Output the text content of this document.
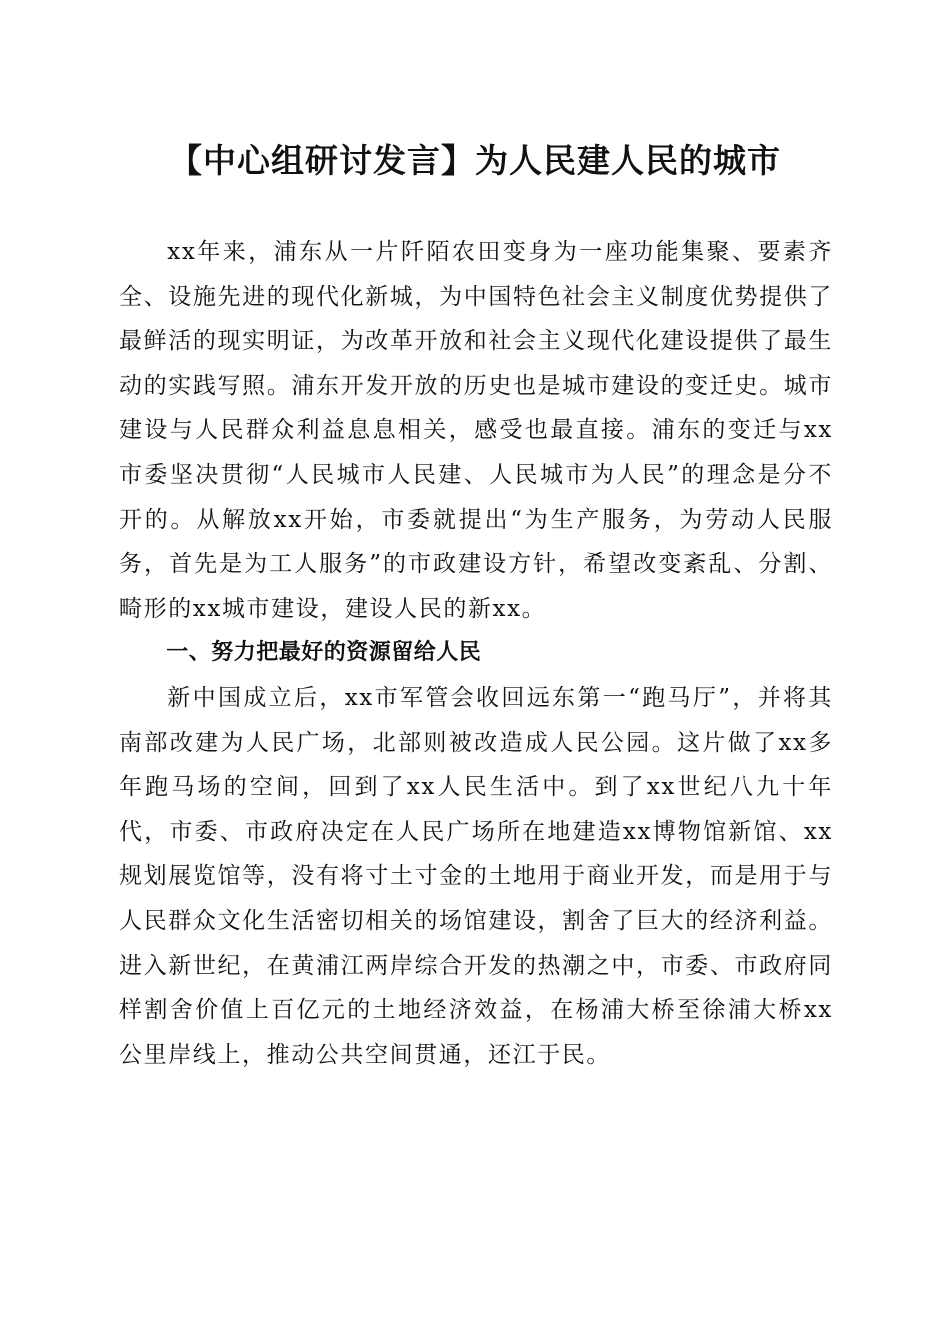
【中心组研讨发言】为人民建人民的城市

xx年来，浦东从一片阡陌农田变身为一座功能集聚、要素齐全、设施先进的现代化新城，为中国特色社会主义制度优势提供了最鲜活的现实明证，为改革开放和社会主义现代化建设提供了最生动的实践写照。浦东开发开放的历史也是城市建设的变迁史。城市建设与人民群众利益息息相关，感受也最直接。浦东的变迁与xx市委坚决贯彻“人民城市人民建、人民城市为人民”的理念是分不开的。从解放xx开始，市委就提出“为生产服务，为劳动人民服务，首先是为工人服务”的市政建设方针，希望改变紊乱、分割、畸形的xx城市建设，建设人民的新xx。

一、努力把最好的资源留给人民

新中国成立后，xx市军管会收回远东第一“跑马厅”，并将其南部改建为人民广场，北部则被改造成人民公园。这片做了xx多年跑马场的空间，回到了xx人民生活中。到了xx世纪八九十年代，市委、市政府决定在人民广场所在地建造xx博物馆新馆、xx规划展览馆等，没有将寸土寸金的土地用于商业开发，而是用于与人民群众文化生活密切相关的场馆建设，割舍了巨大的经济利益。进入新世纪，在黄浦江两岸综合开发的热潮之中，市委、市政府同样割舍价值上百亿元的土地经济效益，在杨浦大桥至徐浦大桥xx公里岸线上，推动公共空间贯通，还江于民。
